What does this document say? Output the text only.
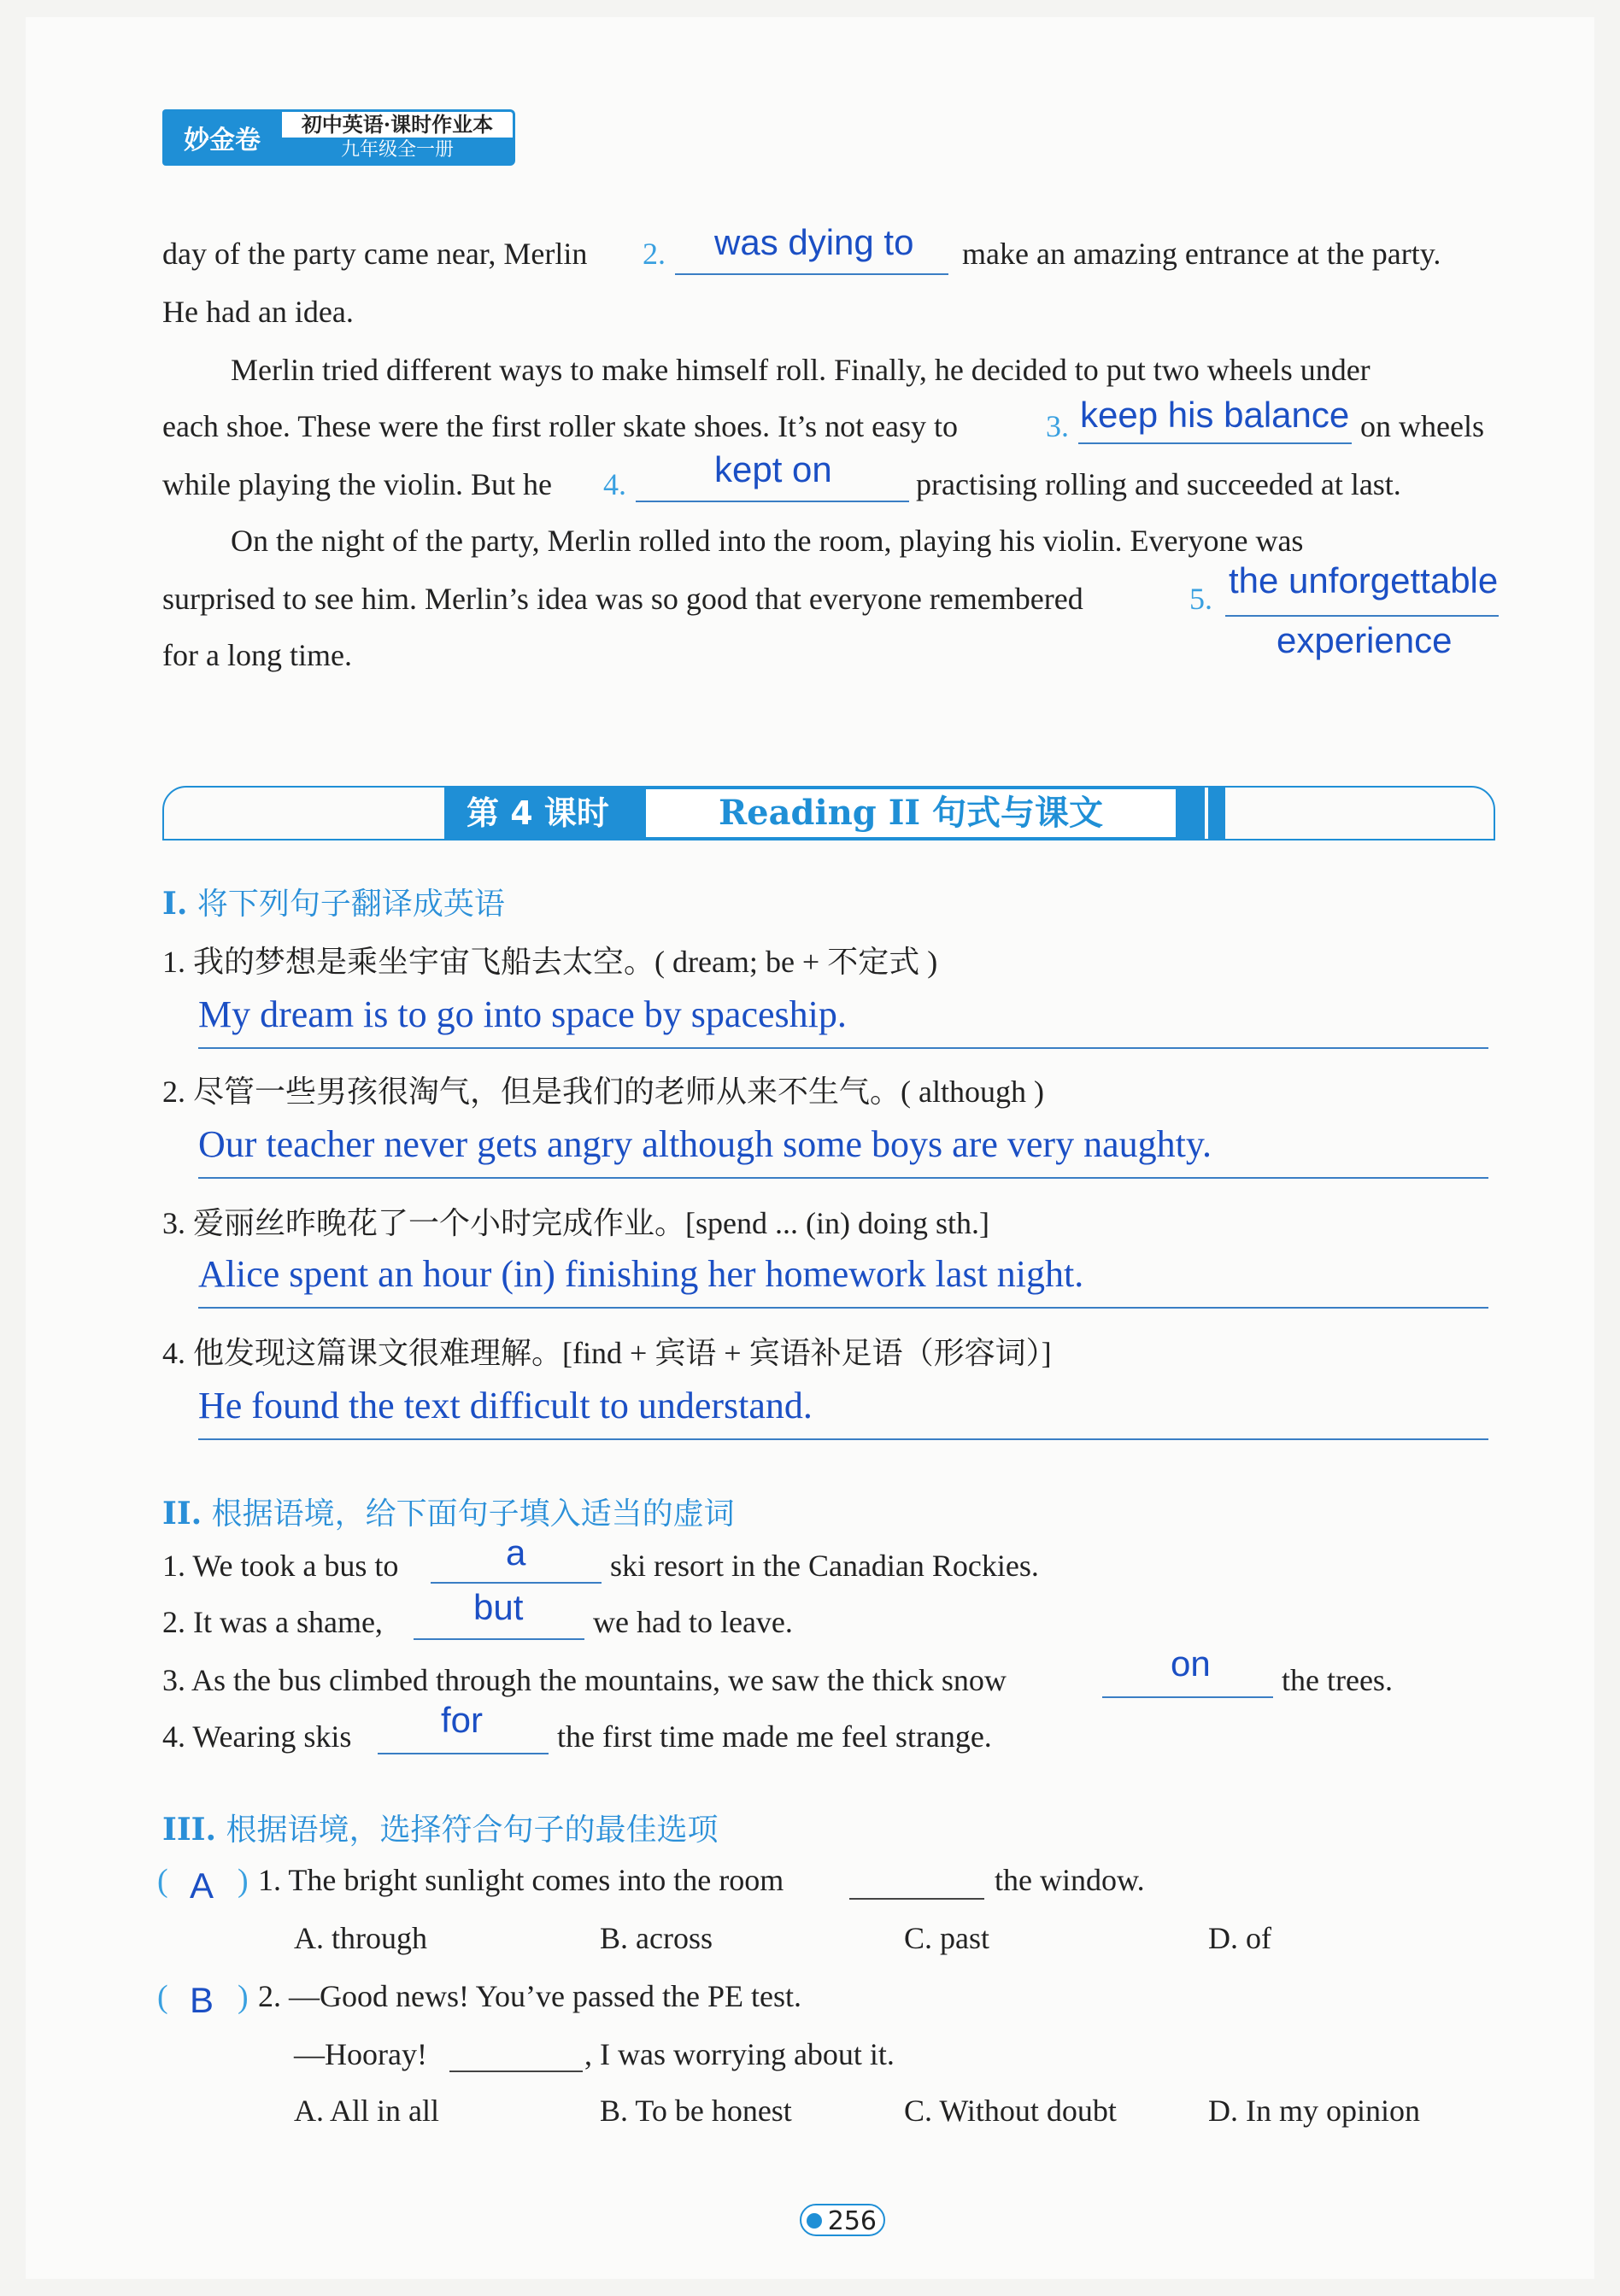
妙金卷
初中英语·课时作业本
九年级全一册
day of the party came near, Merlin 2. was dying to make an amazing entrance at the party.
He had an idea.
Merlin tried different ways to make himself roll. Finally, he decided to put two wheels under
each shoe. These were the first roller skate shoes. It’s not easy to	3. keep his balance on wheels
while playing the violin. But he 4. kept on	practising rolling and succeeded at last.
On the night of the party, Merlin rolled into the room, playing his violin. Everyone was
surprised to see him. Merlin’s idea was so good that everyone remembered	5. the unforgettable
experience
for a long time.
第 4 课时	Reading II 句式与课文
I. 将下列句子翻译成英语
1. 我的梦想是乘坐宇宙飞船去太空。( dream; be + 不定式 )
My dream is to go into space by spaceship.
2. 尽管一些男孩很淘气，但是我们的老师从来不生气。( although )
Our teacher never gets angry although some boys are very naughty.
3. 爱丽丝昨晚花了一个小时完成作业。[spend ... (in) doing sth.]
Alice spent an hour (in) finishing her homework last night.
4. 他发现这篇课文很难理解。[find + 宾语 + 宾语补足语（形容词）]
He found the text difficult to understand.
II. 根据语境，给下面句子填入适当的虚词
1. We took a bus to	a	ski resort in the Canadian Rockies.
2. It was a shame,	but we had to leave.
3. As the bus climbed through the mountains, we saw the thick snow	on the trees.
4. Wearing skis for the first time made me feel strange.
III. 根据语境，选择符合句子的最佳选项
( A ) 1. The bright sunlight comes into the room	the window.
A. through	B. across	C. past	D. of
( B ) 2. —Good news! You’ve passed the PE test.
—Hooray!	, I was worrying about it.
A. All in all	B. To be honest	C. Without doubt	D. In my opinion
256
